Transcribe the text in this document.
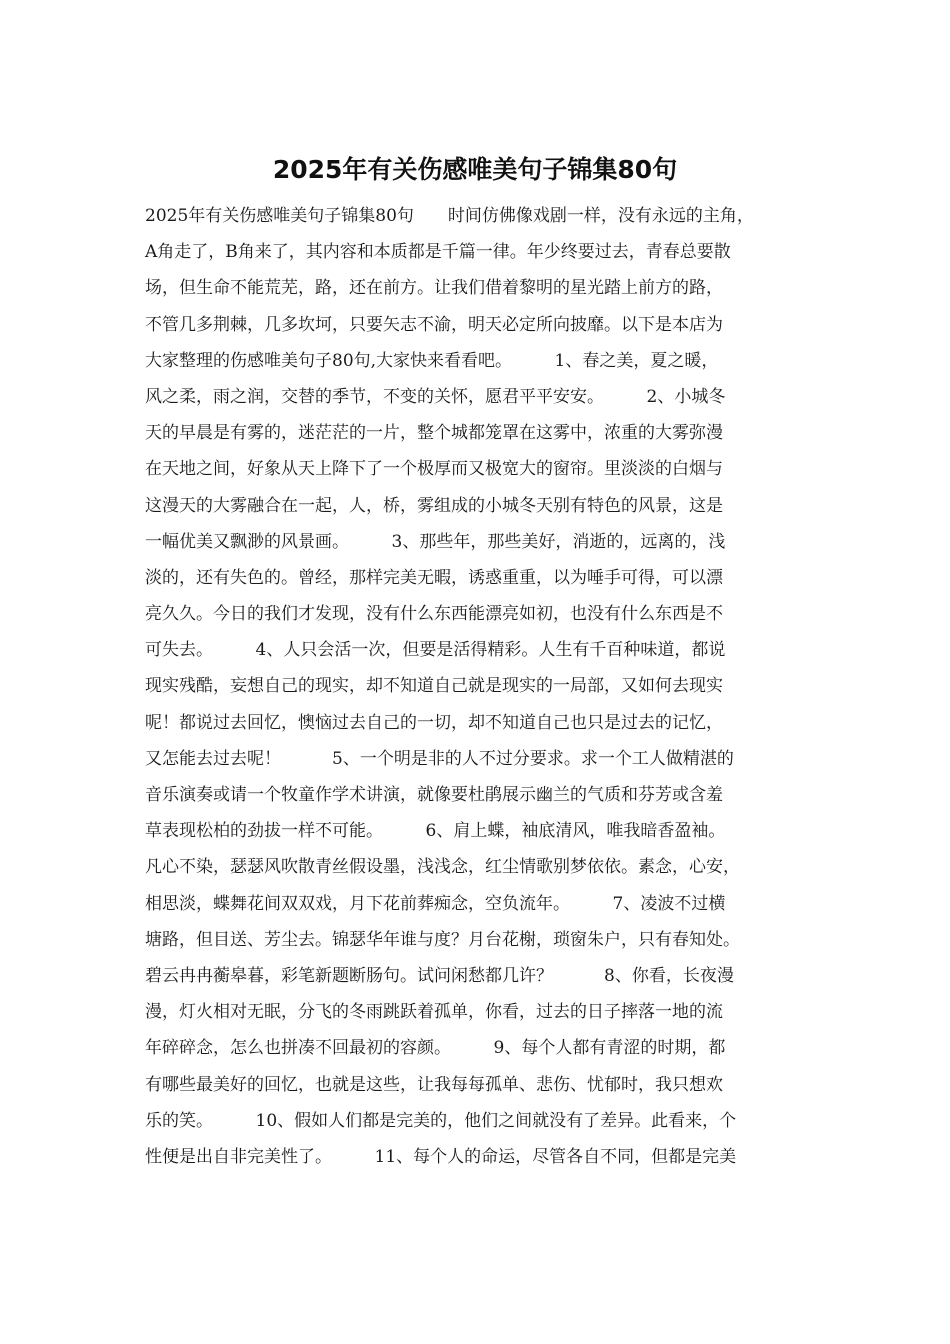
2025年有关伤感唯美句子锦集80句
2025年有关伤感唯美句子锦集80句　　时间仿佛像戏剧一样，没有永远的主角，
A角走了，B角来了，其内容和本质都是千篇一律。年少终要过去，青春总要散
场，但生命不能荒芜，路，还在前方。让我们借着黎明的星光踏上前方的路，
不管几多荆棘，几多坎坷，只要矢志不渝，明天必定所向披靡。以下是本店为
大家整理的伤感唯美句子80句,大家快来看看吧。　　　1、春之美，夏之暖，
风之柔，雨之润，交替的季节，不变的关怀，愿君平平安安。　　　2、小城冬
天的早晨是有雾的，迷茫茫的一片，整个城都笼罩在这雾中，浓重的大雾弥漫
在天地之间，好象从天上降下了一个极厚而又极宽大的窗帘。里淡淡的白烟与
这漫天的大雾融合在一起，人，桥，雾组成的小城冬天别有特色的风景，这是
一幅优美又飘渺的风景画。　　　3、那些年，那些美好，消逝的，远离的，浅
淡的，还有失色的。曾经，那样完美无暇，诱惑重重，以为唾手可得，可以漂
亮久久。今日的我们才发现，没有什么东西能漂亮如初，也没有什么东西是不
可失去。　　　4、人只会活一次，但要是活得精彩。人生有千百种味道，都说
现实残酷，妄想自己的现实，却不知道自己就是现实的一局部，又如何去现实
呢！都说过去回忆，懊恼过去自己的一切，却不知道自己也只是过去的记忆，
又怎能去过去呢！　　　5、一个明是非的人不过分要求。求一个工人做精湛的
音乐演奏或请一个牧童作学术讲演，就像要杜鹃展示幽兰的气质和芬芳或含羞
草表现松柏的劲拔一样不可能。　　　6、肩上蝶，袖底清风，唯我暗香盈袖。
凡心不染，瑟瑟风吹散青丝假设墨，浅浅念，红尘情歌别梦依依。素念，心安，
相思淡，蝶舞花间双双戏，月下花前葬痴念，空负流年。　　　7、凌波不过横
塘路，但目送、芳尘去。锦瑟华年谁与度？月台花榭，琐窗朱户，只有春知处。
碧云冉冉蘅皋暮，彩笔新题断肠句。试问闲愁都几许？　　　8、你看，长夜漫
漫，灯火相对无眠，分飞的冬雨跳跃着孤单，你看，过去的日子摔落一地的流
年碎碎念，怎么也拼凑不回最初的容颜。　　　9、每个人都有青涩的时期，都
有哪些最美好的回忆，也就是这些，让我每每孤单、悲伤、忧郁时，我只想欢
乐的笑。　　　10、假如人们都是完美的，他们之间就没有了差异。此看来，个
性便是出自非完美性了。　　　11、每个人的命运，尽管各自不同，但都是完美
